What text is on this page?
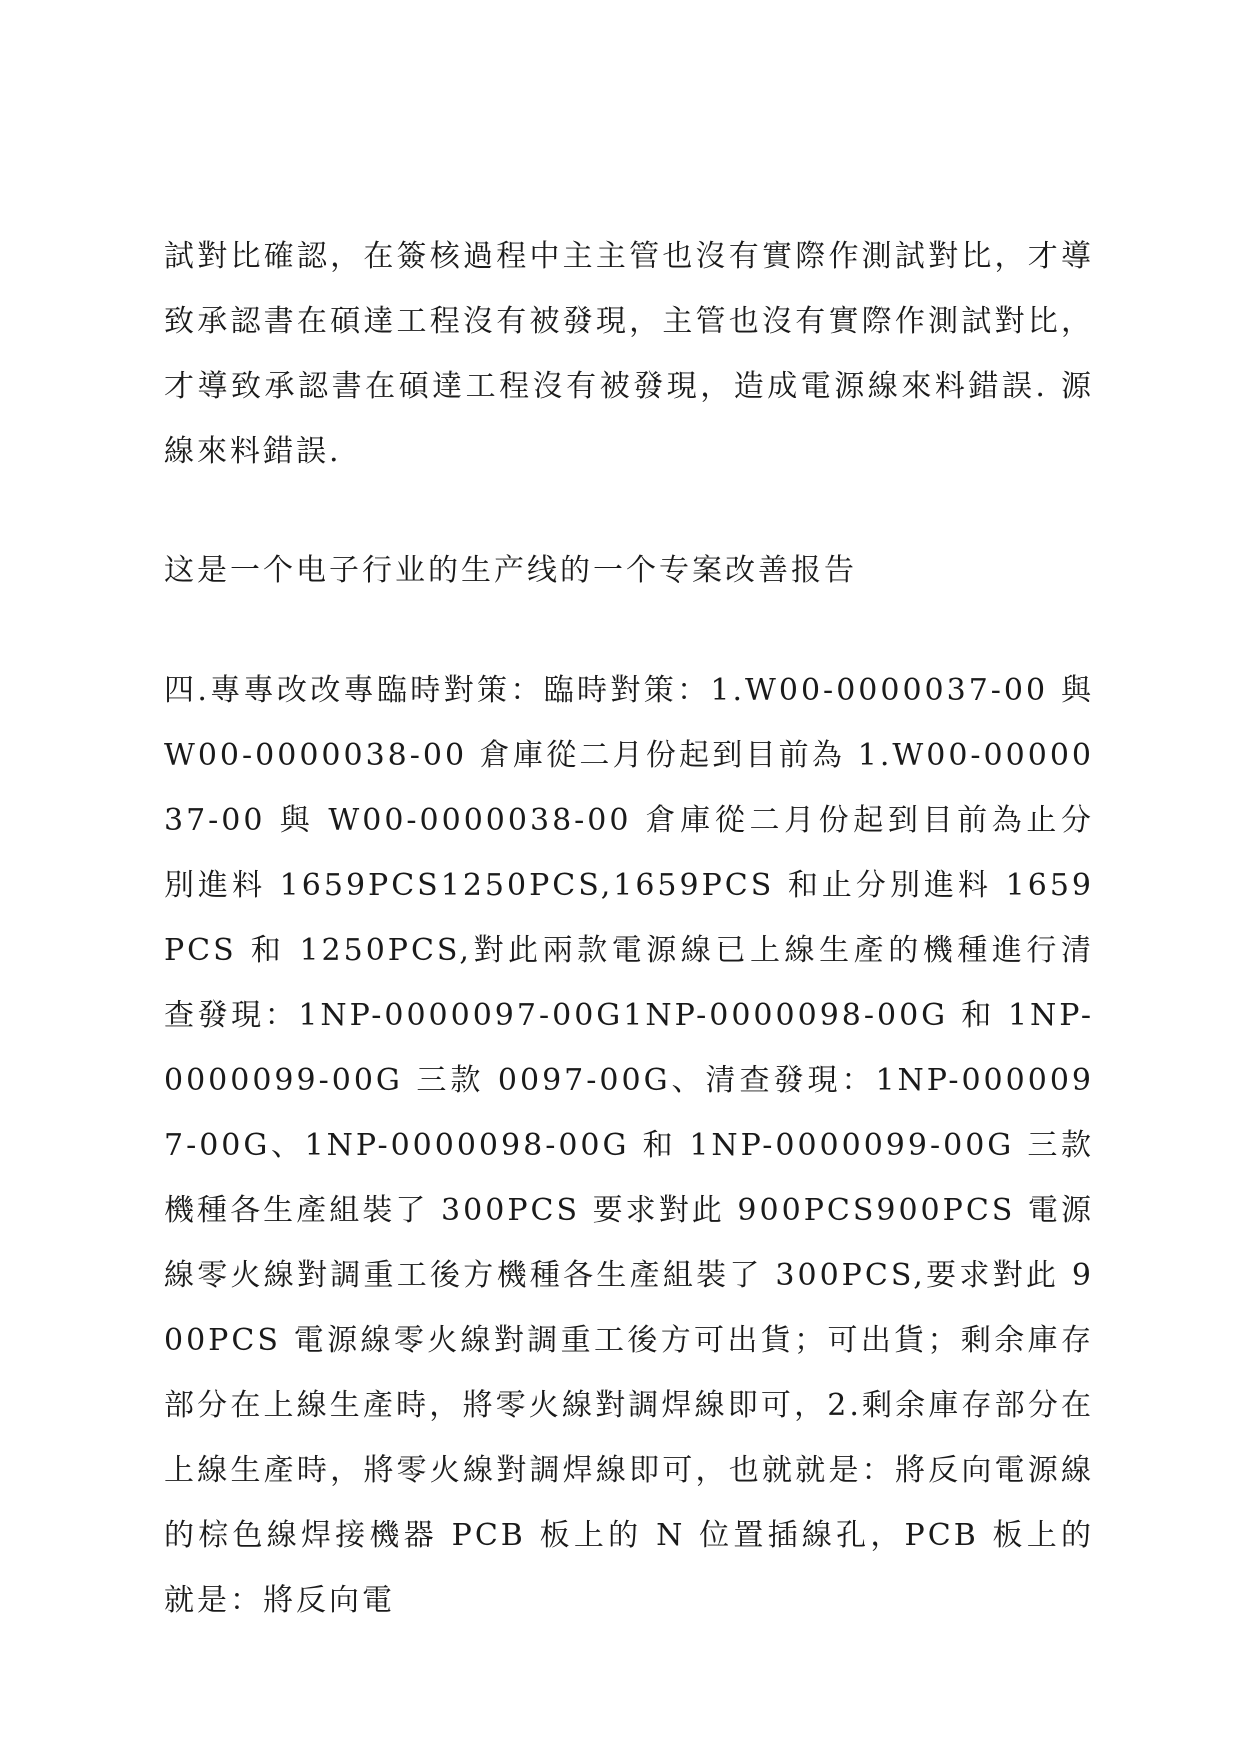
試對比確認，在簽核過程中主主管也沒有實際作測試對比，才導致承認書在碩達工程沒有被發現，主管也沒有實際作測試對比，才導致承認書在碩達工程沒有被發現，造成電源線來料錯誤. 源線來料錯誤.

这是一个电子行业的生产线的一个专案改善报告

四.專專改改專臨時對策：臨時對策：1.W00-0000037-00 與 W00-0000038-00 倉庫從二月份起到目前為 1.W00-0000037-00 與 W00-0000038-00 倉庫從二月份起到目前為止分別進料 1659PCS1250PCS,1659PCS 和止分別進料 1659PCS 和 1250PCS,對此兩款電源線已上線生產的機種進行清查發現：1NP-0000097-00G1NP-0000098-00G 和 1NP-0000099-00G 三款 0097-00G、清查發現：1NP-0000097-00G、1NP-0000098-00G 和 1NP-0000099-00G 三款機種各生產組裝了 300PCS 要求對此 900PCS900PCS 電源線零火線對調重工後方機種各生產組裝了 300PCS,要求對此 900PCS 電源線零火線對調重工後方可出貨；可出貨；剩余庫存部分在上線生產時，將零火線對調焊線即可，2.剩余庫存部分在上線生產時，將零火線對調焊線即可，也就就是：將反向電源線的棕色線焊接機器 PCB 板上的 N 位置插線孔，PCB 板上的就是：將反向電
